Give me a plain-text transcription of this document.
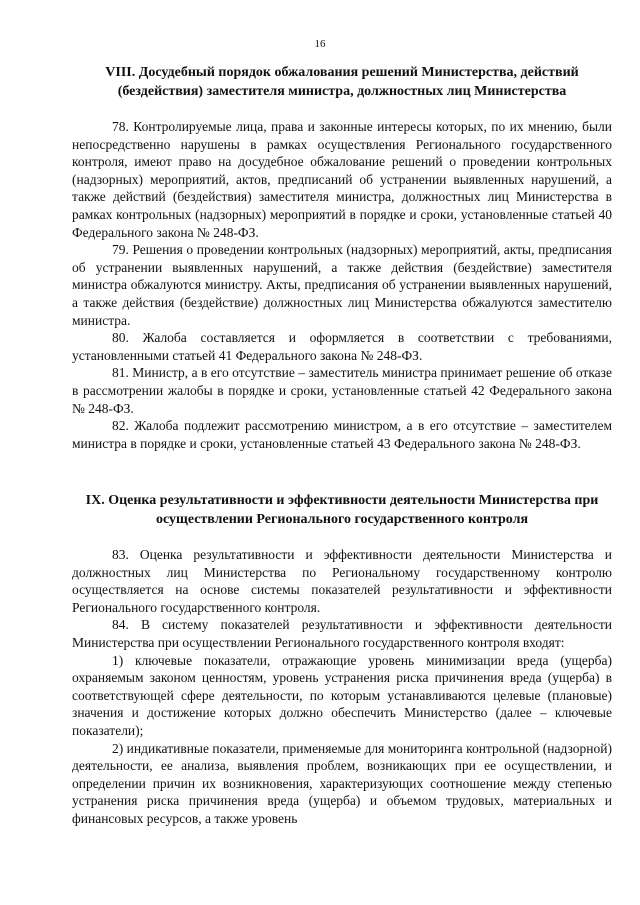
16
VIII. Досудебный порядок обжалования решений Министерства, действий (бездействия) заместителя министра, должностных лиц Министерства

78. Контролируемые лица, права и законные интересы которых, по их мнению, были непосредственно нарушены в рамках осуществления Регионального государственного контроля, имеют право на досудебное обжалование решений о проведении контрольных (надзорных) мероприятий, актов, предписаний об устранении выявленных нарушений, а также действий (бездействия) заместителя министра, должностных лиц Министерства в рамках контрольных (надзорных) мероприятий в порядке и сроки, установленные статьей 40 Федерального закона № 248-ФЗ.

79. Решения о проведении контрольных (надзорных) мероприятий, акты, предписания об устранении выявленных нарушений, а также действия (бездействие) заместителя министра обжалуются министру. Акты, предписания об устранении выявленных нарушений, а также действия (бездействие) должностных лиц Министерства обжалуются заместителю министра.

80. Жалоба составляется и оформляется в соответствии с требованиями, установленными статьей 41 Федерального закона № 248-ФЗ.

81. Министр, а в его отсутствие – заместитель министра принимает решение об отказе в рассмотрении жалобы в порядке и сроки, установленные статьей 42 Федерального закона № 248-ФЗ.

82. Жалоба подлежит рассмотрению министром, а в его отсутствие – заместителем министра в порядке и сроки, установленные статьей 43 Федерального закона № 248-ФЗ.

IX. Оценка результативности и эффективности деятельности Министерства при осуществлении Регионального государственного контроля

83. Оценка результативности и эффективности деятельности Министерства и должностных лиц Министерства по Региональному государственному контролю осуществляется на основе системы показателей результативности и эффективности Регионального государственного контроля.

84. В систему показателей результативности и эффективности деятельности Министерства при осуществлении Регионального государственного контроля входят:

1) ключевые показатели, отражающие уровень минимизации вреда (ущерба) охраняемым законом ценностям, уровень устранения риска причинения вреда (ущерба) в соответствующей сфере деятельности, по которым устанавливаются целевые (плановые) значения и достижение которых должно обеспечить Министерство (далее – ключевые показатели);

2) индикативные показатели, применяемые для мониторинга контрольной (надзорной) деятельности, ее анализа, выявления проблем, возникающих при ее осуществлении, и определении причин их возникновения, характеризующих соотношение между степенью устранения риска причинения вреда (ущерба) и объемом трудовых, материальных и финансовых ресурсов, а также уровень
